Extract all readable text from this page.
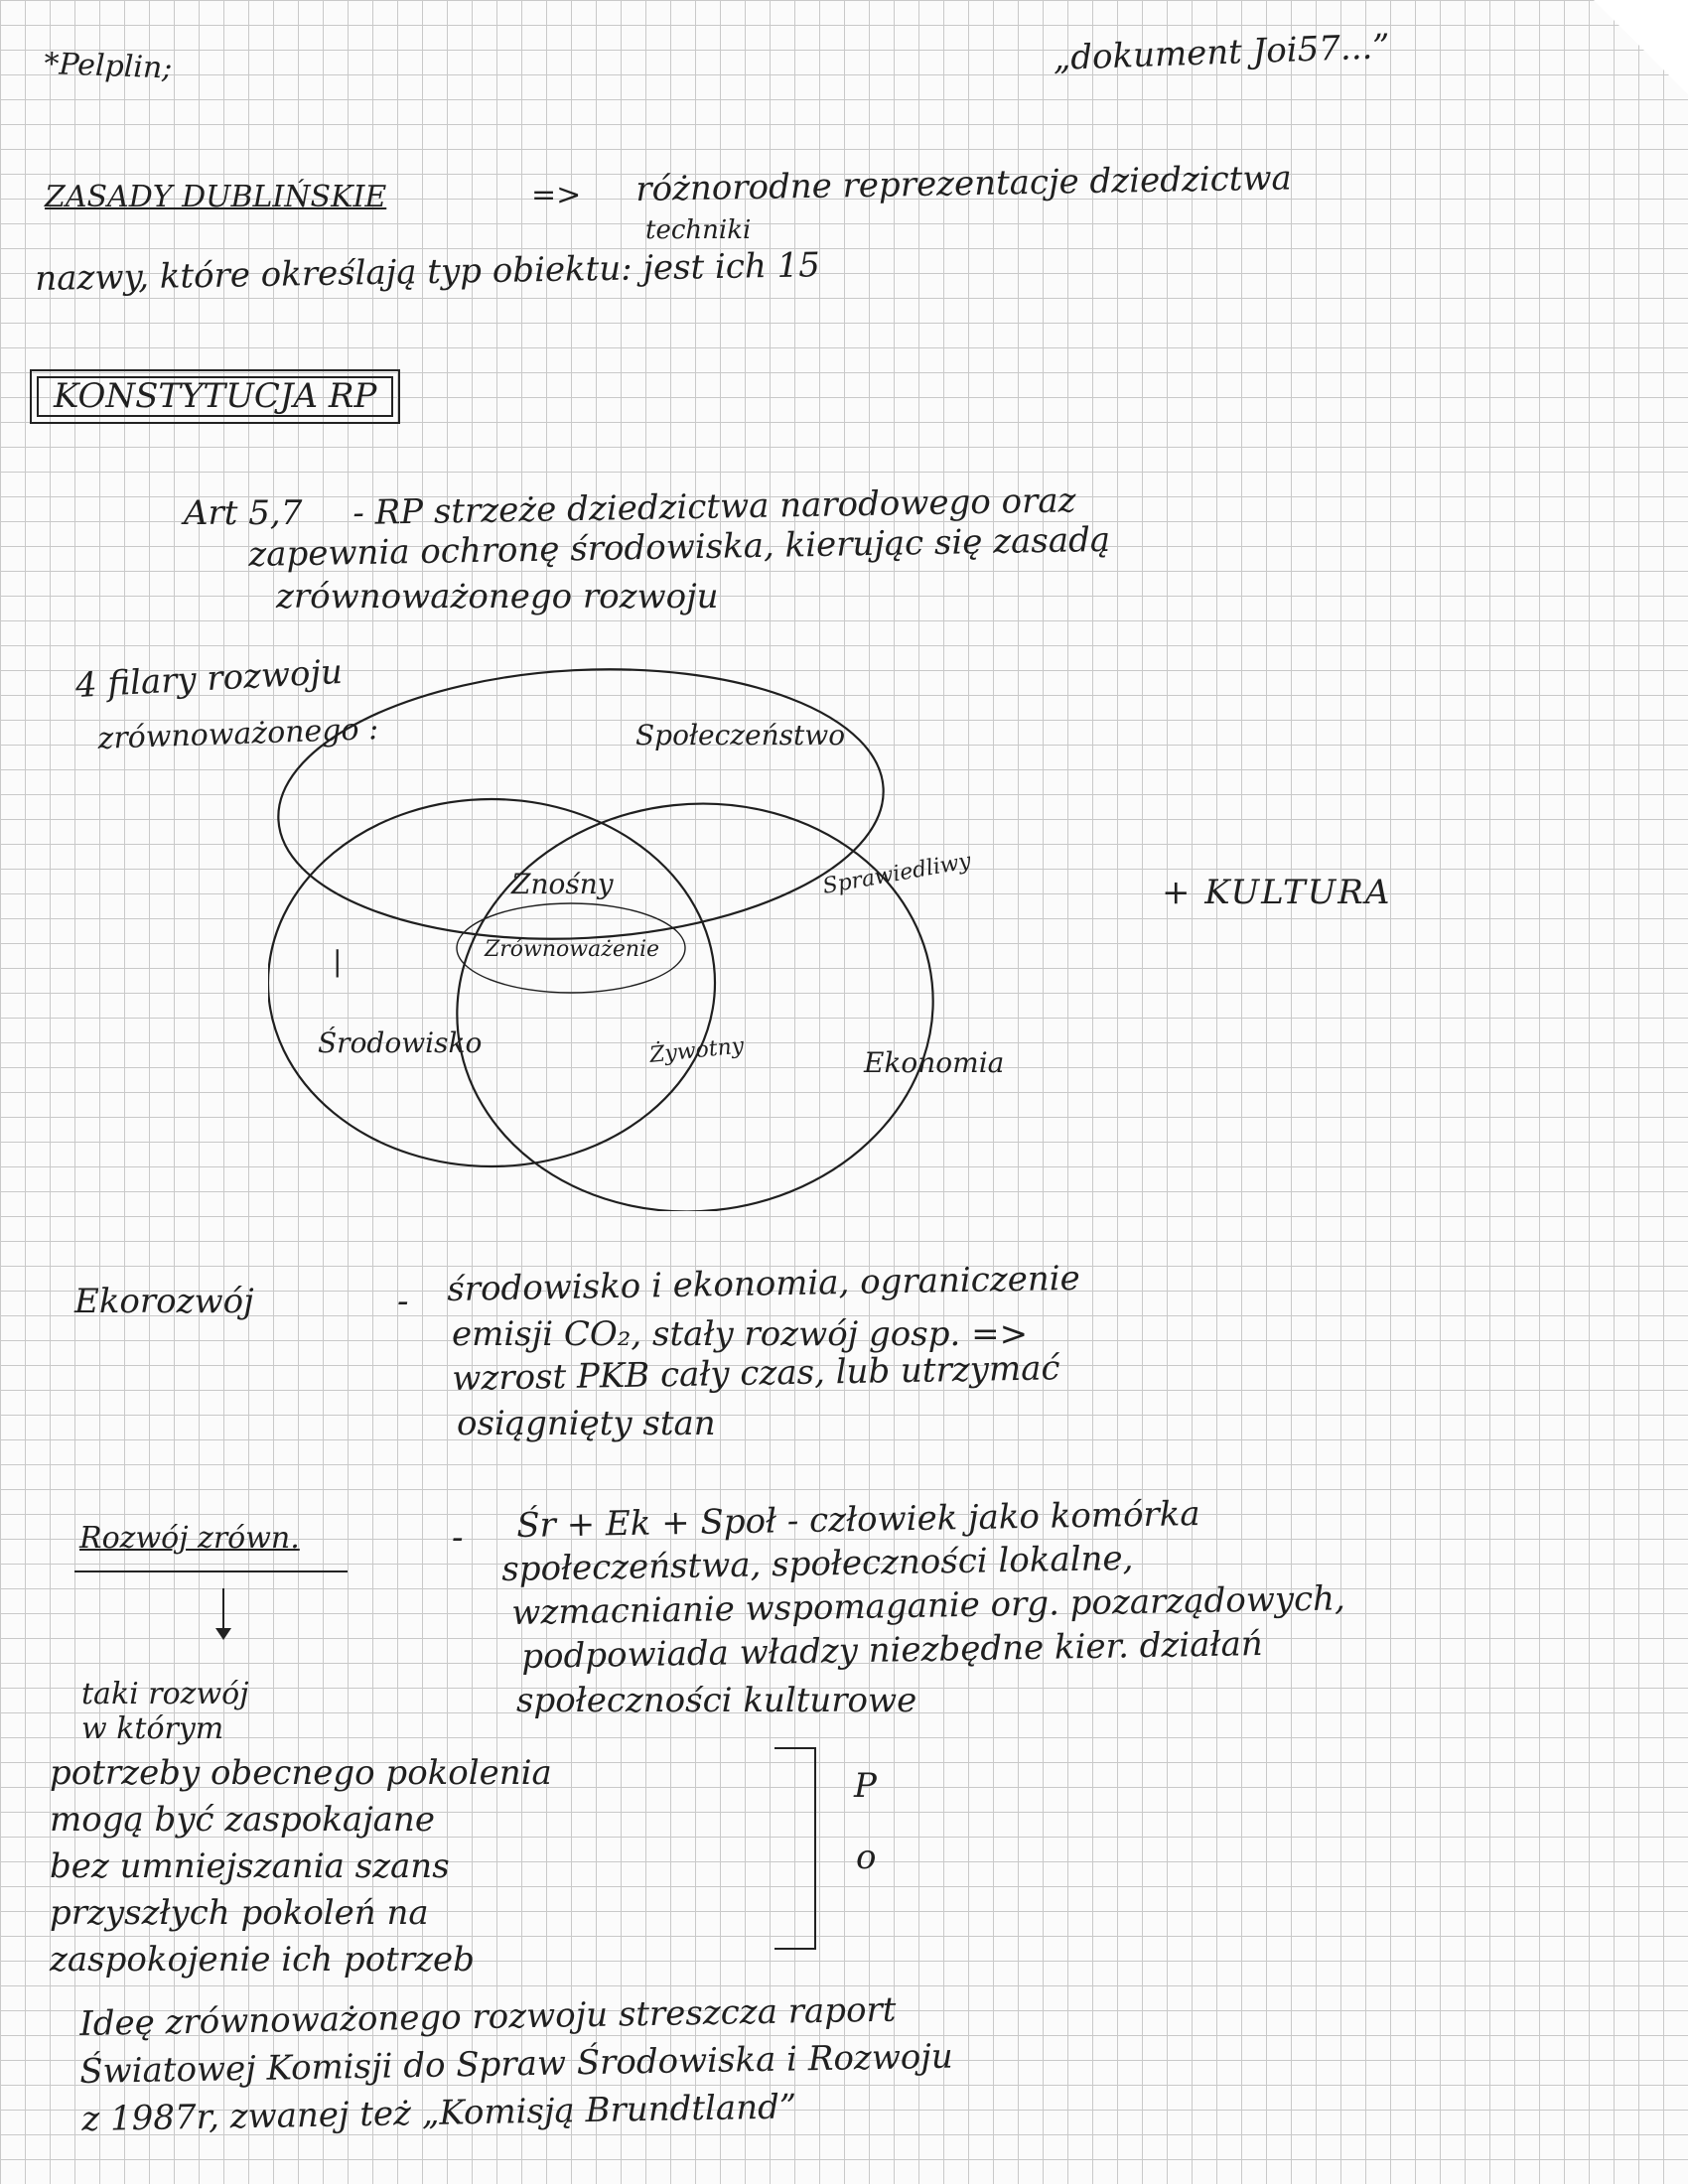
*Pelplin;	„dokument Joi57...”
ZASADY DUBLIŃSKIE	=> różnorodne reprezentacje dziedzictwa
techniki
nazwy, które określają typ obiektu: jest ich 15
KONSTYTUCJA RP
Art 5,7 - RP strzeże dziedzictwa narodowego oraz
zapewnia ochronę środowiska, kierując się zasadą
zrównoważonego rozwoju
4 filary rozwoju
zrównoważonego :	Społeczeństwo
Środowisko
Ekonomia
Znośny	Sprawiedliwy
Żywotny
Zrównoważenie
|
+ KULTURA
Ekorozwój	- środowisko i ekonomia, ograniczenie
emisji CO₂, stały rozwój gosp. =>
wzrost PKB cały czas, lub utrzymać
osiągnięty stan
Rozwój zrówn.	- Śr + Ek + Społ - człowiek jako komórka
społeczeństwa, społeczności lokalne,
wzmacnianie wspomaganie org. pozarządowych,
podpowiada władzy niezbędne kier. działań
społeczności kulturowe
taki rozwój
w którym
potrzeby obecnego pokolenia
mogą być zaspokajane
bez umniejszania szans
przyszłych pokoleń na
zaspokojenie ich potrzeb
P
o
Ideę zrównoważonego rozwoju streszcza raport
Światowej Komisji do Spraw Środowiska i Rozwoju
z 1987r, zwanej też „Komisją Brundtland”
